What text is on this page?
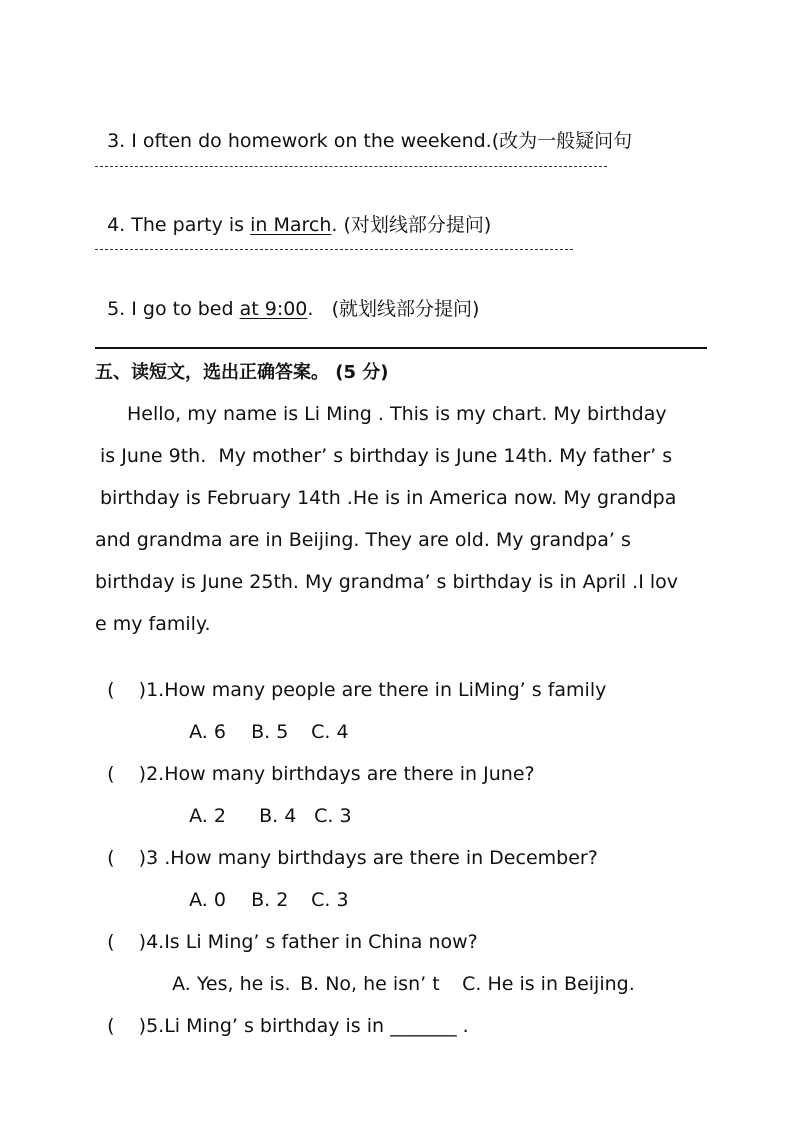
3. I often do homework on the weekend.(改为一般疑问句

4. The party is in March. (对划线部分提问)

5. I go to bed at 9:00.   (就划线部分提问)

五、读短文，选出正确答案。 (5 分)
Hello, my name is Li Ming . This is my chart. My birthday
is June 9th.  My mother’ s birthday is June 14th. My father’ s
birthday is February 14th .He is in America now. My grandpa
and grandma are in Beijing. They are old. My grandpa’ s
birthday is June 25th. My grandma’ s birthday is in April .I lov
e my family.

(    )1.How many people are there in LiMing’ s family

A. 6 B. 5 C. 4

(    )2.How many birthdays are there in June?

A. 2 B. 4 C. 3

(    )3 .How many birthdays are there in December?

A. 0 B. 2 C. 3

(    )4.Is Li Ming’ s father in China now?

A. Yes, he is. B. No, he isn’ t C. He is in Beijing.

(    )5.Li Ming’ s birthday is in _______ .
